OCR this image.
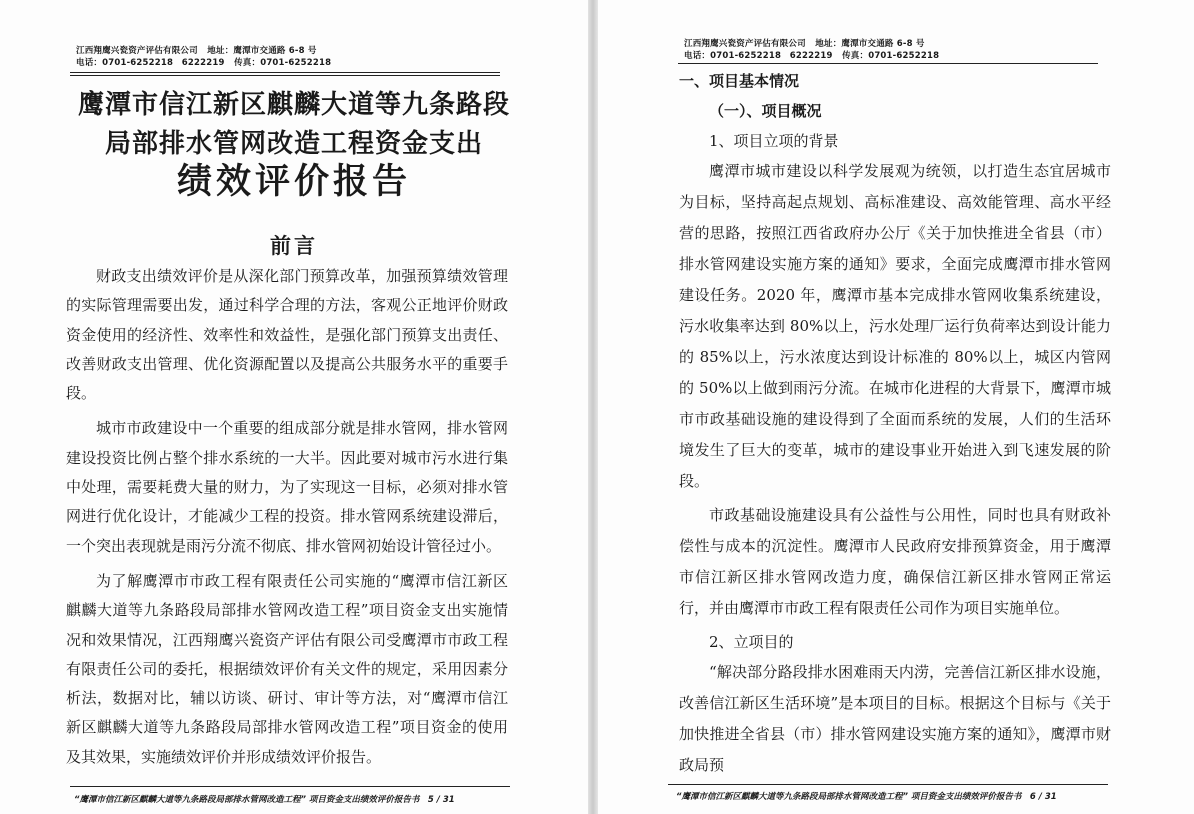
江西翔鹰兴瓷资产评估有限公司 地址：鹰潭市交通路 6-8 号
电话：0701-6252218　6222219 传真：0701-6252218
鹰潭市信江新区麒麟大道等九条路段
局部排水管网改造工程资金支出
绩效评价报告
前言
“鹰潭市信江新区麒麟大道等九条路段局部排水管网改造工程” 项目资金支出绩效评价报告书　5 / 31

财政支出绩效评价是从深化部门预算改革，加强预算绩效管理的实际管理需要出发，通过科学合理的方法，客观公正地评价财政资金使用的经济性、效率性和效益性，是强化部门预算支出责任、改善财政支出管理、优化资源配置以及提高公共服务水平的重要手段。

城市市政建设中一个重要的组成部分就是排水管网，排水管网建设投资比例占整个排水系统的一大半。因此要对城市污水进行集中处理，需要耗费大量的财力，为了实现这一目标，必须对排水管网进行优化设计，才能减少工程的投资。排水管网系统建设滞后，一个突出表现就是雨污分流不彻底、排水管网初始设计管径过小。

为了解鹰潭市市政工程有限责任公司实施的“鹰潭市信江新区麒麟大道等九条路段局部排水管网改造工程”项目资金支出实施情况和效果情况，江西翔鹰兴瓷资产评估有限公司受鹰潭市市政工程有限责任公司的委托，根据绩效评价有关文件的规定，采用因素分析法，数据对比，辅以访谈、研讨、审计等方法，对“鹰潭市信江新区麒麟大道等九条路段局部排水管网改造工程”项目资金的使用及其效果，实施绩效评价并形成绩效评价报告。

江西翔鹰兴瓷资产评估有限公司 地址：鹰潭市交通路 6-8 号
电话：0701-6252218　6222219 传真：0701-6252218
“鹰潭市信江新区麒麟大道等九条路段局部排水管网改造工程” 项目资金支出绩效评价报告书　6 / 31
一、项目基本情况
（一）、项目概况
1、项目立项的背景

鹰潭市城市建设以科学发展观为统领，以打造生态宜居城市为目标，坚持高起点规划、高标准建设、高效能管理、高水平经营的思路，按照江西省政府办公厅《关于加快推进全省县（市）排水管网建设实施方案的通知》要求，全面完成鹰潭市排水管网建设任务。2020 年，鹰潭市基本完成排水管网收集系统建设，污水收集率达到 80%以上，污水处理厂运行负荷率达到设计能力的 85%以上，污水浓度达到设计标准的 80%以上，城区内管网的 50%以上做到雨污分流。在城市化进程的大背景下，鹰潭市城市市政基础设施的建设得到了全面而系统的发展，人们的生活环境发生了巨大的变革，城市的建设事业开始进入到飞速发展的阶段。

市政基础设施建设具有公益性与公用性，同时也具有财政补偿性与成本的沉淀性。鹰潭市人民政府安排预算资金，用于鹰潭市信江新区排水管网改造力度，确保信江新区排水管网正常运行，并由鹰潭市市政工程有限责任公司作为项目实施单位。

2、立项目的

“解决部分路段排水困难雨天内涝，完善信江新区排水设施，改善信江新区生活环境”是本项目的目标。根据这个目标与《关于加快推进全省县（市）排水管网建设实施方案的通知》，鹰潭市财政局预
